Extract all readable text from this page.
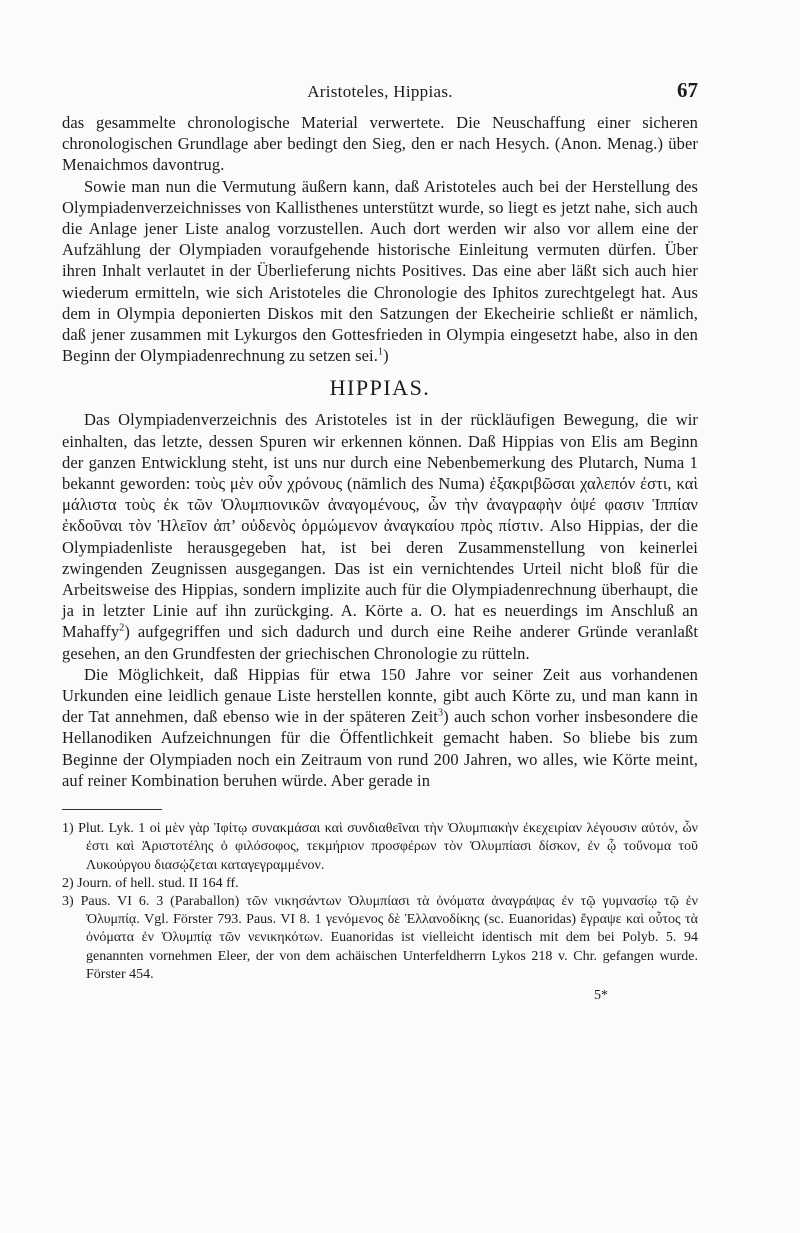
Aristoteles, Hippias.	67

das gesammelte chronologische Material verwertete. Die Neuschaffung einer sicheren chronologischen Grundlage aber bedingt den Sieg, den er nach Hesych. (Anon. Menag.) über Menaichmos davontrug.

Sowie man nun die Vermutung äußern kann, daß Aristoteles auch bei der Herstellung des Olympiadenverzeichnisses von Kallisthenes unterstützt wurde, so liegt es jetzt nahe, sich auch die Anlage jener Liste analog vorzustellen. Auch dort werden wir also vor allem eine der Aufzählung der Olympiaden voraufgehende historische Einleitung vermuten dürfen. Über ihren Inhalt verlautet in der Überlieferung nichts Positives. Das eine aber läßt sich auch hier wiederum ermitteln, wie sich Aristoteles die Chronologie des Iphitos zurechtgelegt hat. Aus dem in Olympia deponierten Diskos mit den Satzungen der Ekecheirie schließt er nämlich, daß jener zusammen mit Lykurgos den Gottesfrieden in Olympia eingesetzt habe, also in den Beginn der Olympiadenrechnung zu setzen sei.$^1$)

HIPPIAS.

Das Olympiadenverzeichnis des Aristoteles ist in der rückläufigen Bewegung, die wir einhalten, das letzte, dessen Spuren wir erkennen können. Daß Hippias von Elis am Beginn der ganzen Entwicklung steht, ist uns nur durch eine Nebenbemerkung des Plutarch, Numa 1 bekannt geworden: τοὺς μὲν οὖν χρόνους (nämlich des Numa) ἐξακριβῶσαι χαλεπόν ἐστι, καὶ μάλιστα τοὺς ἐκ τῶν Ὀλυμπιονικῶν ἀναγομένους, ὧν τὴν ἀναγραφὴν ὀψέ φασιν Ἱππίαν ἐκδοῦναι τὸν Ἠλεῖον ἀπ’ οὐδενὸς ὁρμώμενον ἀναγκαίου πρὸς πίστιν. Also Hippias, der die Olympiadenliste herausgegeben hat, ist bei deren Zusammenstellung von keinerlei zwingenden Zeugnissen ausgegangen. Das ist ein vernichtendes Urteil nicht bloß für die Arbeitsweise des Hippias, sondern implizite auch für die Olympiadenrechnung überhaupt, die ja in letzter Linie auf ihn zurückging. A. Körte a. O. hat es neuerdings im Anschluß an Mahaffy$^2$) aufgegriffen und sich dadurch und durch eine Reihe anderer Gründe veranlaßt gesehen, an den Grundfesten der griechischen Chronologie zu rütteln.

Die Möglichkeit, daß Hippias für etwa 150 Jahre vor seiner Zeit aus vorhandenen Urkunden eine leidlich genaue Liste herstellen konnte, gibt auch Körte zu, und man kann in der Tat annehmen, daß ebenso wie in der späteren Zeit$^3$) auch schon vorher insbesondere die Hellanodiken Aufzeichnungen für die Öffentlichkeit gemacht haben. So bliebe bis zum Beginne der Olympiaden noch ein Zeitraum von rund 200 Jahren, wo alles, wie Körte meint, auf reiner Kombination beruhen würde. Aber gerade in

1) Plut. Lyk. 1 οἱ μὲν γὰρ Ἰφίτῳ συνακμάσαι καὶ συνδιαθεῖναι τὴν Ὀλυμπιακὴν ἐκεχειρίαν λέγουσιν αὐτόν, ὧν ἐστι καὶ Ἀριστοτέλης ὁ φιλόσοφος, τεκμήριον προσφέρων τὸν Ὀλυμπίασι δίσκον, ἐν ᾧ τοὔνομα τοῦ Λυκούργου διασῴζεται καταγεγραμμένον.

2) Journ. of hell. stud. II 164 ff.

3) Paus. VI 6. 3 (Paraballon) τῶν νικησάντων Ὀλυμπίασι τὰ ὀνόματα ἀναγράψας ἐν τῷ γυμνασίῳ τῷ ἐν Ὀλυμπίᾳ. Vgl. Förster 793. Paus. VI 8. 1 γενόμενος δὲ Ἑλλανοδίκης (sc. Euanoridas) ἔγραψε καὶ οὗτος τὰ ὀνόματα ἐν Ὀλυμπίᾳ τῶν νενικηκότων. Euanoridas ist vielleicht identisch mit dem bei Polyb. 5. 94 genannten vornehmen Eleer, der von dem achäischen Unterfeldherrn Lykos 218 v. Chr. gefangen wurde. Förster 454.

5*
